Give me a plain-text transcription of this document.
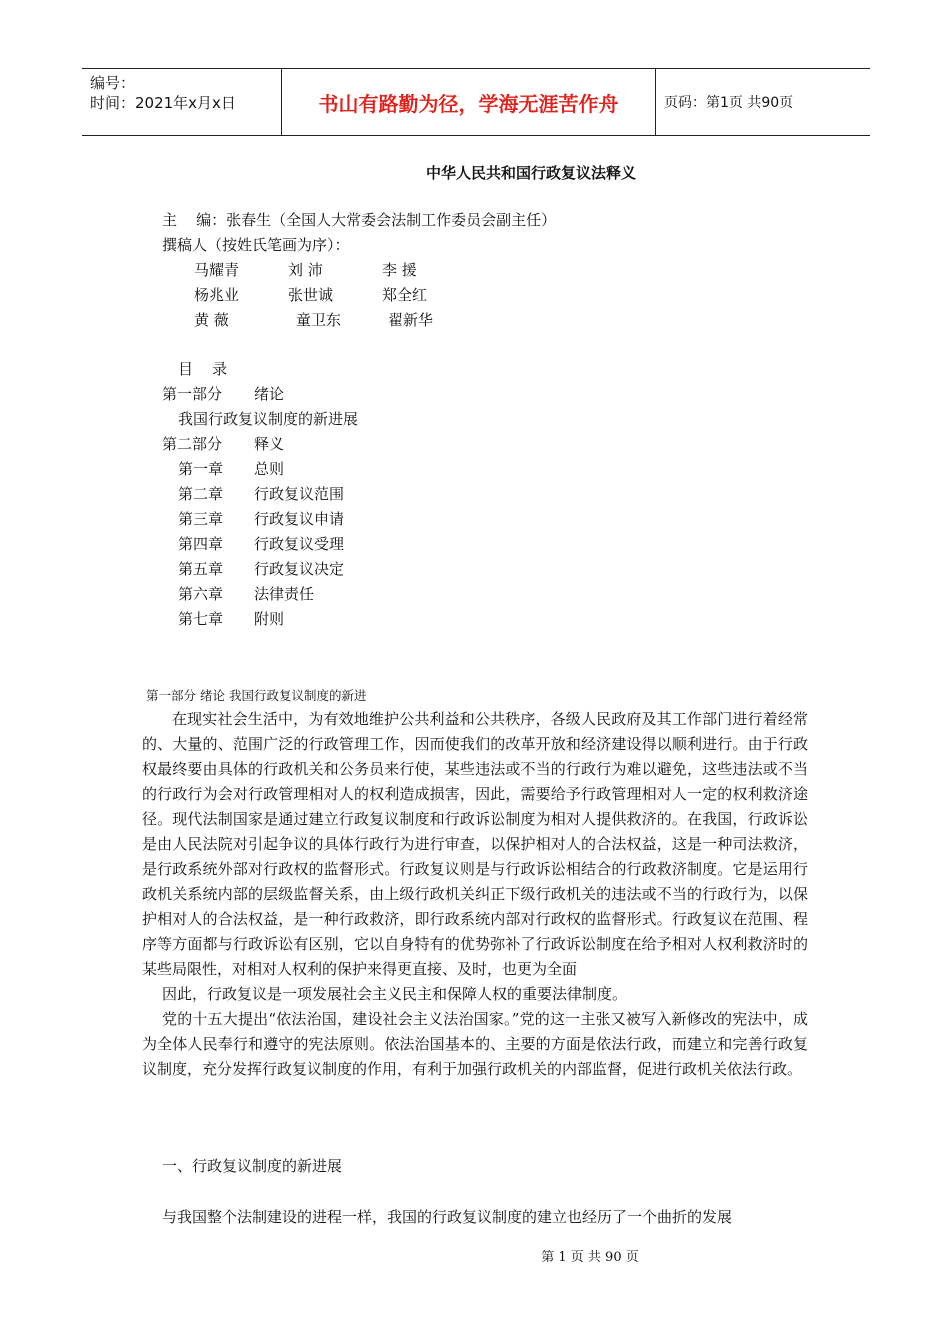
编号：
时间：2021年x月x日	书山有路勤为径，学海无涯苦作舟	页码：第1页 共90页
中华人民共和国行政复议法释义
主    编：张春生（全国人大常委会法制工作委员会副主任）
撰稿人（按姓氏笔画为序）：
马耀青	刘 沛	李 援
杨兆业	张世诚	郑全红
黄 薇	童卫东	翟新华
目    录
第一部分	绪论
我国行政复议制度的新进展
第二部分	释义
第一章	总则
第二章	行政复议范围
第三章	行政复议申请
第四章	行政复议受理
第五章	行政复议决定
第六章	法律责任
第七章	附则
第一部分 绪论 我国行政复议制度的新进

在现实社会生活中，为有效地维护公共利益和公共秩序，各级人民政府及其工作部门进行着经常的、大量的、范围广泛的行政管理工作，因而使我们的改革开放和经济建设得以顺利进行。由于行政权最终要由具体的行政机关和公务员来行使，某些违法或不当的行政行为难以避免，这些违法或不当的行政行为会对行政管理相对人的权利造成损害，因此，需要给予行政管理相对人一定的权利救济途径。现代法制国家是通过建立行政复议制度和行政诉讼制度为相对人提供救济的。在我国，行政诉讼是由人民法院对引起争议的具体行政行为进行审查，以保护相对人的合法权益，这是一种司法救济，是行政系统外部对行政权的监督形式。行政复议则是与行政诉讼相结合的行政救济制度。它是运用行政机关系统内部的层级监督关系，由上级行政机关纠正下级行政机关的违法或不当的行政行为，以保护相对人的合法权益，是一种行政救济，即行政系统内部对行政权的监督形式。行政复议在范围、程序等方面都与行政诉讼有区别，它以自身特有的优势弥补了行政诉讼制度在给予相对人权利救济时的某些局限性，对相对人权利的保护来得更直接、及时，也更为全面

因此，行政复议是一项发展社会主义民主和保障人权的重要法律制度。

党的十五大提出“依法治国，建设社会主义法治国家。”党的这一主张又被写入新修改的宪法中，成为全体人民奉行和遵守的宪法原则。依法治国基本的、主要的方面是依法行政，而建立和完善行政复议制度，充分发挥行政复议制度的作用，有利于加强行政机关的内部监督，促进行政机关依法行政。

一、行政复议制度的新进展

与我国整个法制建设的进程一样，我国的行政复议制度的建立也经历了一个曲折的发展

第 1 页 共 90 页
